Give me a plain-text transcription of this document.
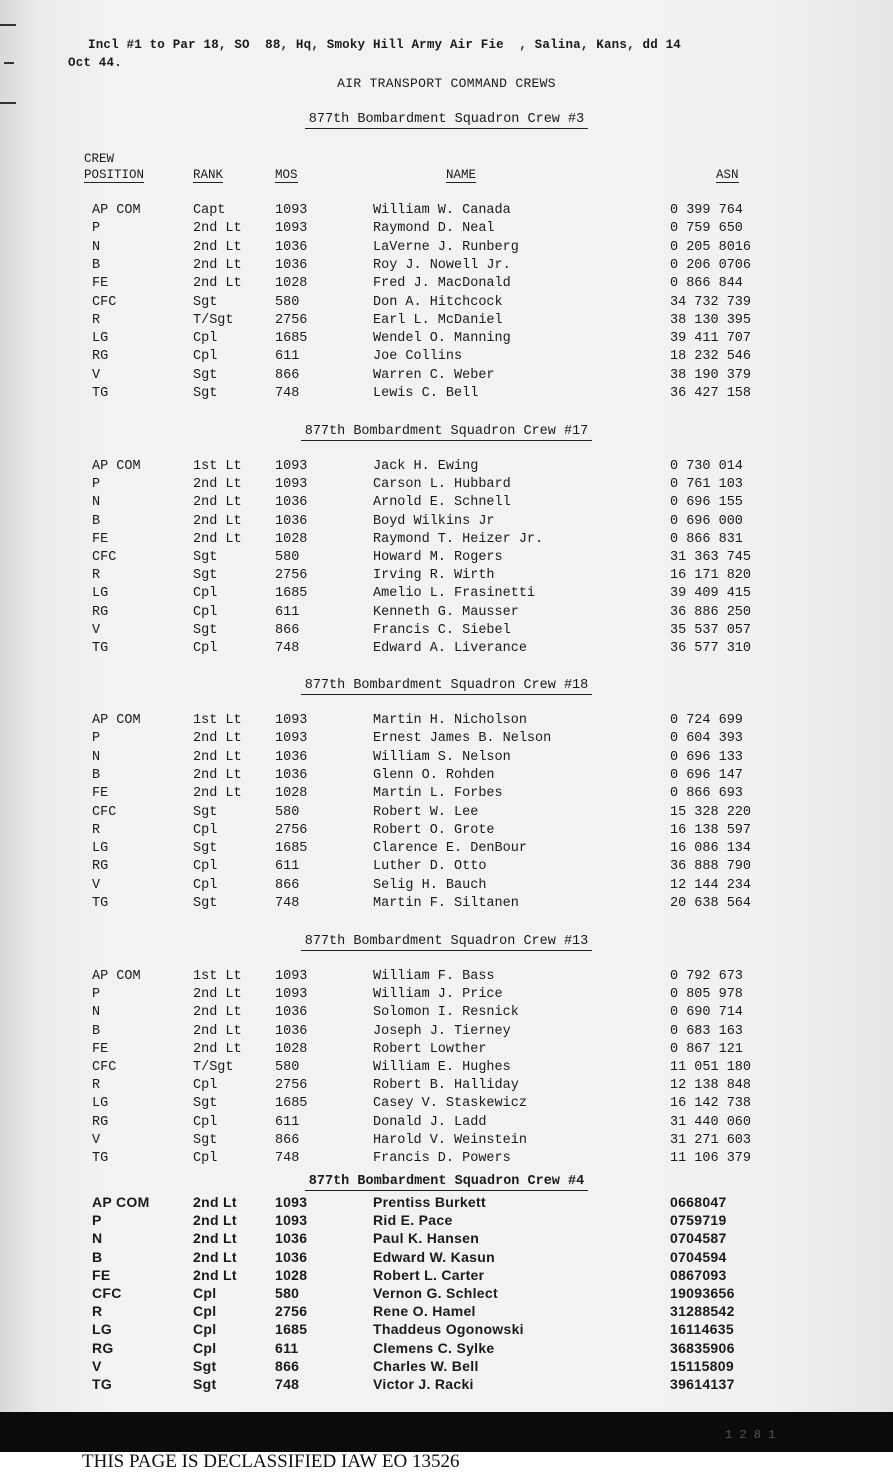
Incl #1 to Par 18, SO  88, Hq, Smoky Hill Army Air Fie  , Salina, Kans, dd 14
Oct 44.
AIR TRANSPORT COMMAND CREWS
CREW
POSITION	RANK	MOS	NAME	ASN
877th Bombardment Squadron Crew #3
AP COM	Capt	1093	William W. Canada	0 399 764
P	2nd Lt 1093	Raymond D. Neal	0 759 650
N	2nd Lt 1036	LaVerne J. Runberg	0 205 8016
B	2nd Lt 1036	Roy J. Nowell Jr.	0 206 0706
FE	2nd Lt 1028	Fred J. MacDonald	0 866 844
CFC	Sgt	580	Don A. Hitchcock	34 732 739
R	T/Sgt	2756	Earl L. McDaniel	38 130 395
LG	Cpl	1685	Wendel O. Manning	39 411 707
RG	Cpl	611	Joe Collins	18 232 546
V	Sgt	866	Warren C. Weber	38 190 379
TG	Sgt	748	Lewis C. Bell	36 427 158
877th Bombardment Squadron Crew #17
AP COM	1st Lt 1093	Jack H. Ewing	0 730 014
P	2nd Lt 1093	Carson L. Hubbard	0 761 103
N	2nd Lt 1036	Arnold E. Schnell	0 696 155
B	2nd Lt 1036	Boyd Wilkins Jr	0 696 000
FE	2nd Lt 1028	Raymond T. Heizer Jr.	0 866 831
CFC	Sgt	580	Howard M. Rogers	31 363 745
R	Sgt	2756	Irving R. Wirth	16 171 820
LG	Cpl	1685	Amelio L. Frasinetti	39 409 415
RG	Cpl	611	Kenneth G. Mausser	36 886 250
V	Sgt	866	Francis C. Siebel	35 537 057
TG	Cpl	748	Edward A. Liverance	36 577 310
877th Bombardment Squadron Crew #18
AP COM	1st Lt 1093	Martin H. Nicholson	0 724 699
P	2nd Lt 1093	Ernest James B. Nelson	0 604 393
N	2nd Lt 1036	William S. Nelson	0 696 133
B	2nd Lt 1036	Glenn O. Rohden	0 696 147
FE	2nd Lt 1028	Martin L. Forbes	0 866 693
CFC	Sgt	580	Robert W. Lee	15 328 220
R	Cpl	2756	Robert O. Grote	16 138 597
LG	Sgt	1685	Clarence E. DenBour	16 086 134
RG	Cpl	611	Luther D. Otto	36 888 790
V	Cpl	866	Selig H. Bauch	12 144 234
TG	Sgt	748	Martin F. Siltanen	20 638 564
877th Bombardment Squadron Crew #13
AP COM	1st Lt 1093	William F. Bass	0 792 673
P	2nd Lt 1093	William J. Price	0 805 978
N	2nd Lt 1036	Solomon I. Resnick	0 690 714
B	2nd Lt 1036	Joseph J. Tierney	0 683 163
FE	2nd Lt 1028	Robert Lowther	0 867 121
CFC	T/Sgt	580	William E. Hughes	11 051 180
R	Cpl	2756	Robert B. Halliday	12 138 848
LG	Sgt	1685	Casey V. Staskewicz	16 142 738
RG	Cpl	611	Donald J. Ladd	31 440 060
V	Sgt	866	Harold V. Weinstein	31 271 603
TG	Cpl	748	Francis D. Powers	11 106 379
877th Bombardment Squadron Crew #4
AP COM	2nd Lt	1093	Prentiss Burkett	0668047
P	2nd Lt	1093	Rid E. Pace	0759719
N	2nd Lt	1036	Paul K. Hansen	0704587
B	2nd Lt	1036	Edward W. Kasun	0704594
FE	2nd Lt	1028	Robert L. Carter	0867093
CFC	Cpl	580	Vernon G. Schlect	19093656
R	Cpl	2756	Rene O. Hamel	31288542
LG	Cpl	1685	Thaddeus Ogonowski	16114635
RG	Cpl	611	Clemens C. Sylke	36835906
V	Sgt	866	Charles W. Bell	15115809
TG	Sgt	748	Victor J. Racki	39614137
1 2 8 1
THIS PAGE IS DECLASSIFIED IAW EO 13526
